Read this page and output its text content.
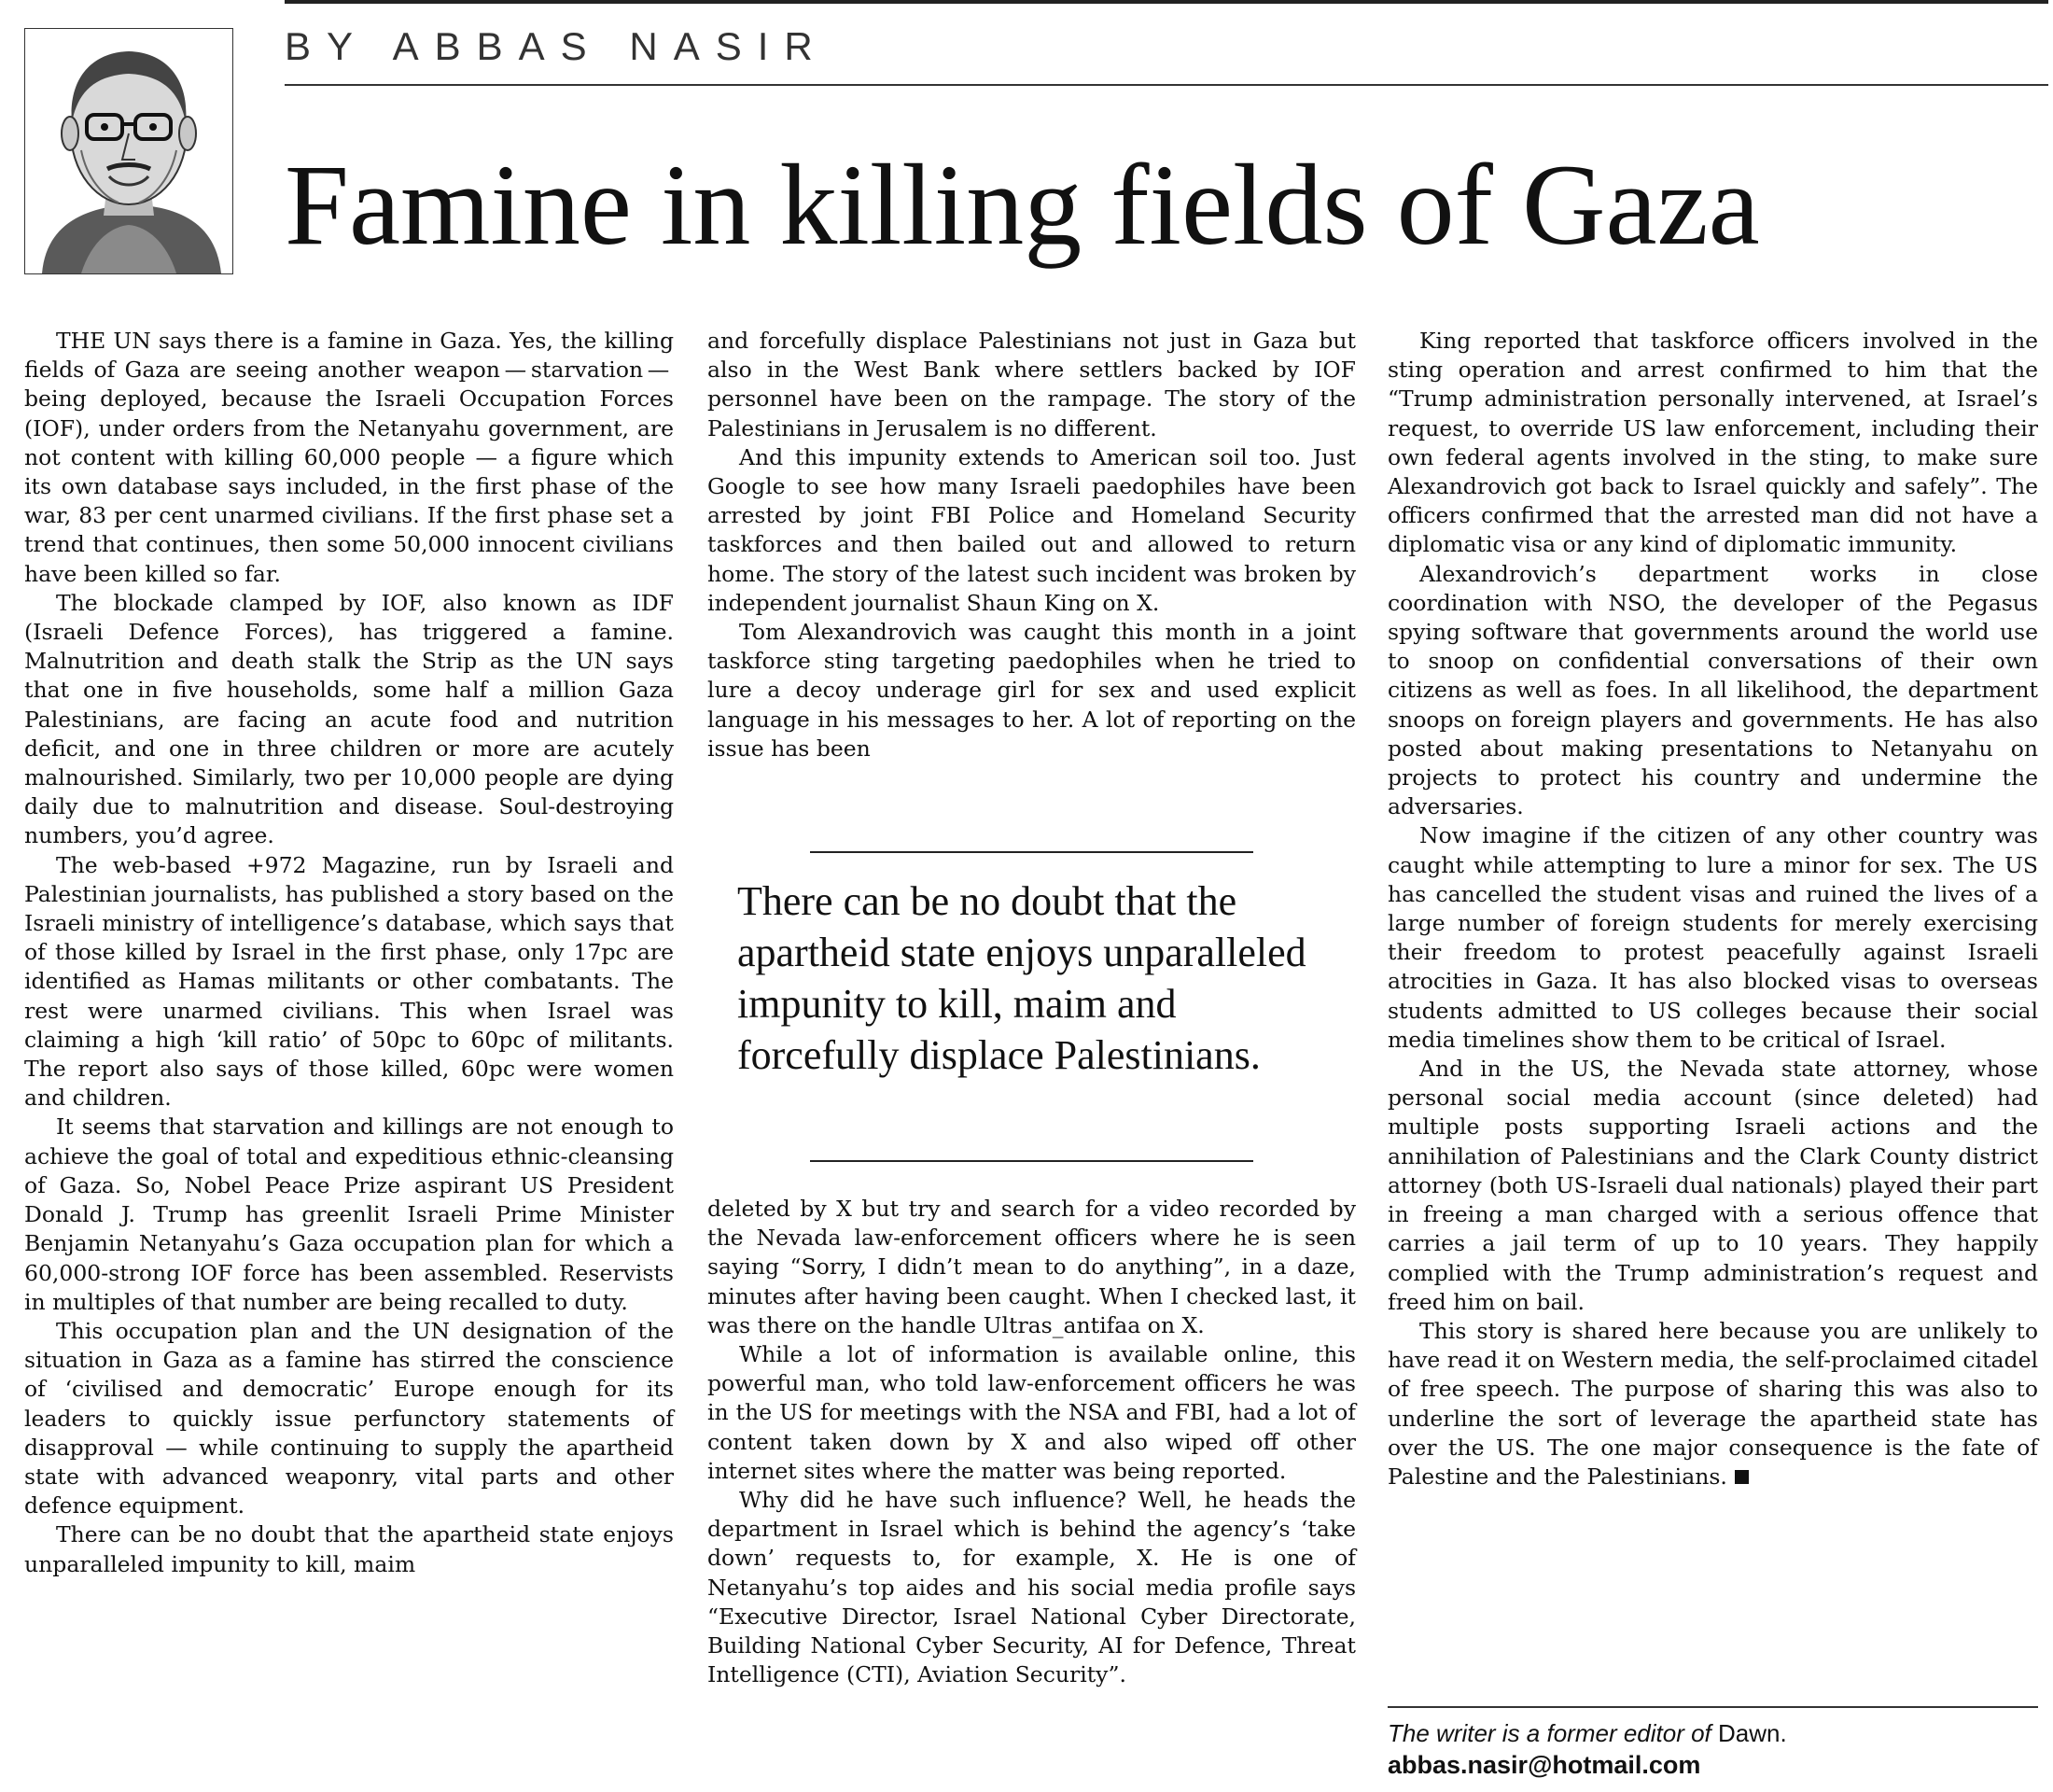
BY ABBAS NASIR
Famine in killing fields of Gaza

THE UN says there is a famine in Gaza. Yes, the killing fields of Gaza are seeing another weapon — starvation — being deployed, because the Israeli Occupation Forces (IOF), under orders from the Netanyahu government, are not content with killing 60,000 people — a figure which its own database says included, in the first phase of the war, 83 per cent unarmed civilians. If the first phase set a trend that continues, then some 50,000 innocent civilians have been killed so far.

The blockade clamped by IOF, also known as IDF (Israeli Defence Forces), has triggered a famine. Malnutrition and death stalk the Strip as the UN says that one in five households, some half a million Gaza Palestinians, are facing an acute food and nutrition deficit, and one in three children or more are acutely malnourished. Similarly, two per 10,000 people are dying daily due to malnutrition and disease. Soul-destroying numbers, you’d agree.

The web-based +972 Magazine, run by Israeli and Palestinian journalists, has published a story based on the Israeli ministry of intelligence’s database, which says that of those killed by Israel in the first phase, only 17pc are identified as Hamas militants or other combatants. The rest were unarmed civilians. This when Israel was claiming a high ‘kill ratio’ of 50pc to 60pc of militants. The report also says of those killed, 60pc were women and children.

It seems that starvation and killings are not enough to achieve the goal of total and expeditious ethnic-cleansing of Gaza. So, Nobel Peace Prize aspirant US President Donald J. Trump has greenlit Israeli Prime Minister Benjamin Netanyahu’s Gaza occupation plan for which a 60,000-strong IOF force has been assembled. Reservists in multiples of that number are being recalled to duty.

This occupation plan and the UN designation of the situation in Gaza as a famine has stirred the conscience of ‘civilised and democratic’ Europe enough for its leaders to quickly issue perfunctory statements of disapproval — while continuing to supply the apartheid state with advanced weaponry, vital parts and other defence equipment.

There can be no doubt that the apartheid state enjoys unparalleled impunity to kill, maim

and forcefully displace Palestinians not just in Gaza but also in the West Bank where settlers backed by IOF personnel have been on the rampage. The story of the Palestinians in Jerusalem is no different.

And this impunity extends to American soil too. Just Google to see how many Israeli paedophiles have been arrested by joint FBI Police and Homeland Security taskforces and then bailed out and allowed to return home. The story of the latest such incident was broken by independent journalist Shaun King on X.

Tom Alexandrovich was caught this month in a joint taskforce sting targeting paedophiles when he tried to lure a decoy underage girl for sex and used explicit language in his messages to her. A lot of reporting on the issue has been

There can be no doubt that the apartheid state enjoys unparalleled impunity to kill, maim and forcefully displace Palestinians.

deleted by X but try and search for a video recorded by the Nevada law-enforcement officers where he is seen saying “Sorry, I didn’t mean to do anything”, in a daze, minutes after having been caught. When I checked last, it was there on the handle Ultras_antifaa on X.

While a lot of information is available online, this powerful man, who told law-enforcement officers he was in the US for meetings with the NSA and FBI, had a lot of content taken down by X and also wiped off other internet sites where the matter was being reported.

Why did he have such influence? Well, he heads the department in Israel which is behind the agency’s ‘take down’ requests to, for example, X. He is one of Netanyahu’s top aides and his social media profile says “Executive Director, Israel National Cyber Directorate, Building National Cyber Security, AI for Defence, Threat Intelligence (CTI), Aviation Security”.

King reported that taskforce officers involved in the sting operation and arrest confirmed to him that the “Trump administration personally intervened, at Israel’s request, to override US law enforcement, including their own federal agents involved in the sting, to make sure Alexandrovich got back to Israel quickly and safely”. The officers confirmed that the arrested man did not have a diplomatic visa or any kind of diplomatic immunity.

Alexandrovich’s department works in close coordination with NSO, the developer of the Pegasus spying software that governments around the world use to snoop on confidential conversations of their own citizens as well as foes. In all likelihood, the department snoops on foreign players and governments. He has also posted about making presentations to Netanyahu on projects to protect his country and undermine the adversaries.

Now imagine if the citizen of any other country was caught while attempting to lure a minor for sex. The US has cancelled the student visas and ruined the lives of a large number of foreign students for merely exercising their freedom to protest peacefully against Israeli atrocities in Gaza. It has also blocked visas to overseas students admitted to US colleges because their social media timelines show them to be critical of Israel.

And in the US, the Nevada state attorney, whose personal social media account (since deleted) had multiple posts supporting Israeli actions and the annihilation of Palestinians and the Clark County district attorney (both US-Israeli dual nationals) played their part in freeing a man charged with a serious offence that carries a jail term of up to 10 years. They happily complied with the Trump administration’s request and freed him on bail.

This story is shared here because you are unlikely to have read it on Western media, the self-proclaimed citadel of free speech. The purpose of sharing this was also to underline the sort of leverage the apartheid state has over the US. The one major consequence is the fate of Palestine and the Palestinians.

The writer is a former editor of Dawn.
abbas.nasir@hotmail.com
